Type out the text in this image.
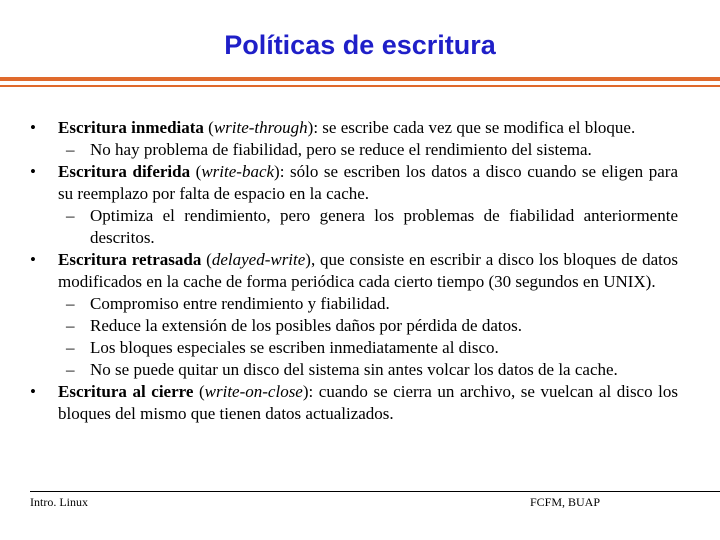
Políticas de escritura
•	Escritura inmediata (write-through): se escribe cada vez que se modifica el bloque.
– No hay problema de fiabilidad, pero se reduce el rendimiento del sistema.
•	Escritura diferida (write-back): sólo se escriben los datos a disco cuando se eligen para su reemplazo por falta de espacio en la cache.
– Optimiza el rendimiento, pero genera los problemas de fiabilidad anteriormente descritos.
•	Escritura retrasada (delayed-write), que consiste en escribir a disco los bloques de datos modificados en la cache de forma periódica cada cierto tiempo (30 segundos en UNIX).
– Compromiso entre rendimiento y fiabilidad.
– Reduce la extensión de los posibles daños por pérdida de datos.
– Los bloques especiales se escriben inmediatamente al disco.
– No se puede quitar un disco del sistema sin antes volcar los datos de la cache.
•	Escritura al cierre (write-on-close): cuando se cierra un archivo, se vuelcan al disco los bloques del mismo que tienen datos actualizados.
Intro. Linux	FCFM, BUAP
